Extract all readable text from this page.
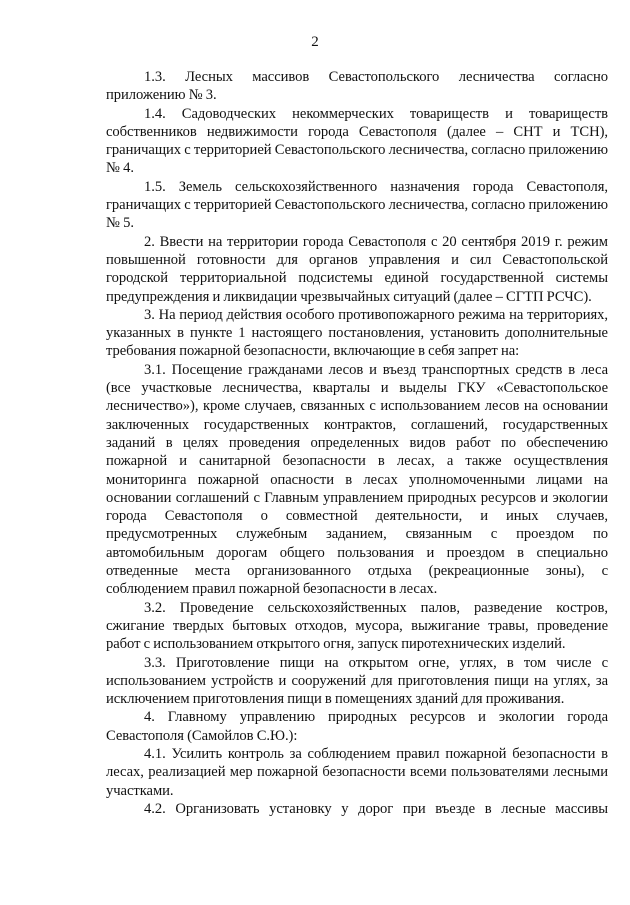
2

1.3. Лесных массивов Севастопольского лесничества согласно приложению № 3.

1.4. Садоводческих некоммерческих товариществ и товариществ собственников недвижимости города Севастополя (далее – СНТ и ТСН), граничащих с территорией Севастопольского лесничества, согласно приложению № 4.

1.5. Земель сельскохозяйственного назначения города Севастополя, граничащих с территорией Севастопольского лесничества, согласно приложению № 5.

2. Ввести на территории города Севастополя с 20 сентября 2019 г. режим повышенной готовности для органов управления и сил Севастопольской городской территориальной подсистемы единой государственной системы предупреждения и ликвидации чрезвычайных ситуаций (далее – СГТП РСЧС).

3. На период действия особого противопожарного режима на территориях, указанных в пункте 1 настоящего постановления, установить дополнительные требования пожарной безопасности, включающие в себя запрет на:

3.1. Посещение гражданами лесов и въезд транспортных средств в леса (все участковые лесничества, кварталы и выделы ГКУ «Севастопольское лесничество»), кроме случаев, связанных с использованием лесов на основании заключенных государственных контрактов, соглашений, государственных заданий в целях проведения определенных видов работ по обеспечению пожарной и санитарной безопасности в лесах, а также осуществления мониторинга пожарной опасности в лесах уполномоченными лицами на основании соглашений с Главным управлением природных ресурсов и экологии города Севастополя о совместной деятельности, и иных случаев, предусмотренных служебным заданием, связанным с проездом по автомобильным дорогам общего пользования и проездом в специально отведенные места организованного отдыха (рекреационные зоны), с соблюдением правил пожарной безопасности в лесах.

3.2. Проведение сельскохозяйственных палов, разведение костров, сжигание твердых бытовых отходов, мусора, выжигание травы, проведение работ с использованием открытого огня, запуск пиротехнических изделий.

3.3. Приготовление пищи на открытом огне, углях, в том числе с использованием устройств и сооружений для приготовления пищи на углях, за исключением приготовления пищи в помещениях зданий для проживания.

4. Главному управлению природных ресурсов и экологии города Севастополя (Самойлов С.Ю.):

4.1. Усилить контроль за соблюдением правил пожарной безопасности в лесах, реализацией мер пожарной безопасности всеми пользователями лесными участками.

4.2. Организовать установку у дорог при въезде в лесные массивы
